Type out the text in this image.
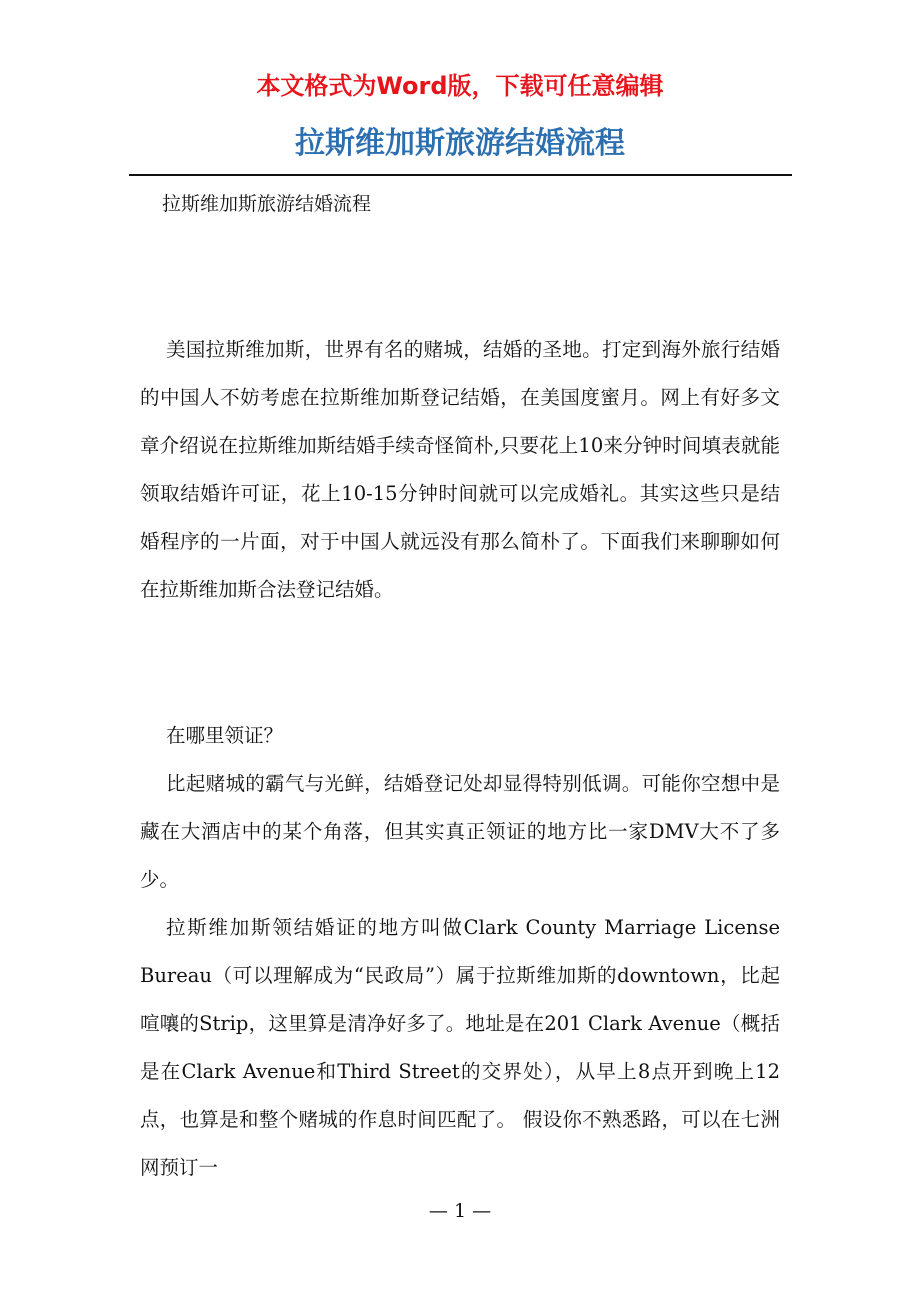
本文格式为Word版，下载可任意编辑

拉斯维加斯旅游结婚流程

拉斯维加斯旅游结婚流程

美国拉斯维加斯，世界有名的赌城，结婚的圣地。打定到海外旅行结婚的中国人不妨考虑在拉斯维加斯登记结婚，在美国度蜜月。网上有好多文章介绍说在拉斯维加斯结婚手续奇怪简朴,只要花上10来分钟时间填表就能领取结婚许可证，花上10-15分钟时间就可以完成婚礼。其实这些只是结婚程序的一片面，对于中国人就远没有那么简朴了。下面我们来聊聊如何在拉斯维加斯合法登记结婚。

在哪里领证？

比起赌城的霸气与光鲜，结婚登记处却显得特别低调。可能你空想中是藏在大酒店中的某个角落，但其实真正领证的地方比一家DMV大不了多少。

拉斯维加斯领结婚证的地方叫做Clark County Marriage License Bureau（可以理解成为“民政局”）属于拉斯维加斯的downtown，比起喧嚷的Strip，这里算是清净好多了。地址是在201 Clark Avenue（概括是在Clark Avenue和Third Street的交界处），从早上8点开到晚上12点，也算是和整个赌城的作息时间匹配了。 假设你不熟悉路，可以在七洲网预订一

— 1 —
